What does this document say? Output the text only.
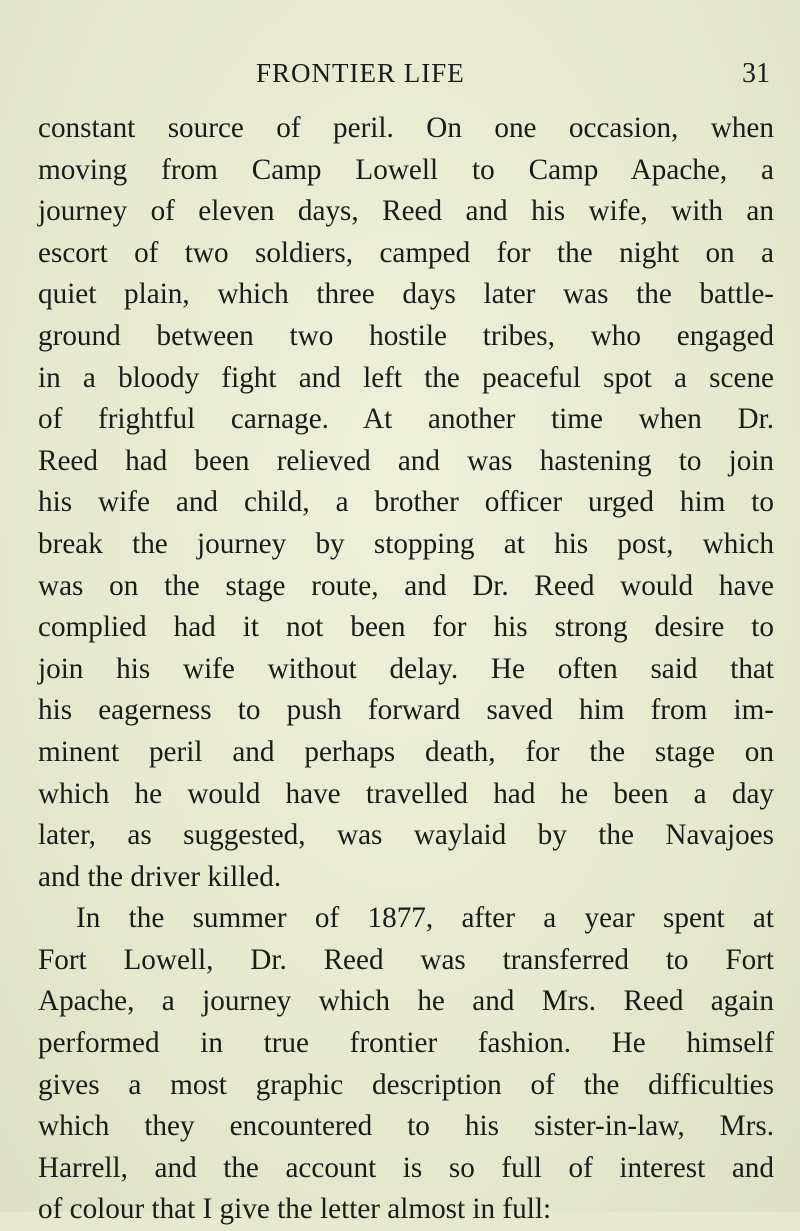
FRONTIER LIFE	31
constant source of peril. On one occasion, when
moving from Camp Lowell to Camp Apache, a
journey of eleven days, Reed and his wife, with an
escort of two soldiers, camped for the night on a
quiet plain, which three days later was the battle-
ground between two hostile tribes, who engaged
in a bloody fight and left the peaceful spot a scene
of frightful carnage. At another time when Dr.
Reed had been relieved and was hastening to join
his wife and child, a brother officer urged him to
break the journey by stopping at his post, which
was on the stage route, and Dr. Reed would have
complied had it not been for his strong desire to
join his wife without delay. He often said that
his eagerness to push forward saved him from im-
minent peril and perhaps death, for the stage on
which he would have travelled had he been a day
later, as suggested, was waylaid by the Navajoes
and the driver killed.
In the summer of 1877, after a year spent at
Fort Lowell, Dr. Reed was transferred to Fort
Apache, a journey which he and Mrs. Reed again
performed in true frontier fashion. He himself
gives a most graphic description of the difficulties
which they encountered to his sister-in-law, Mrs.
Harrell, and the account is so full of interest and
of colour that I give the letter almost in full:
